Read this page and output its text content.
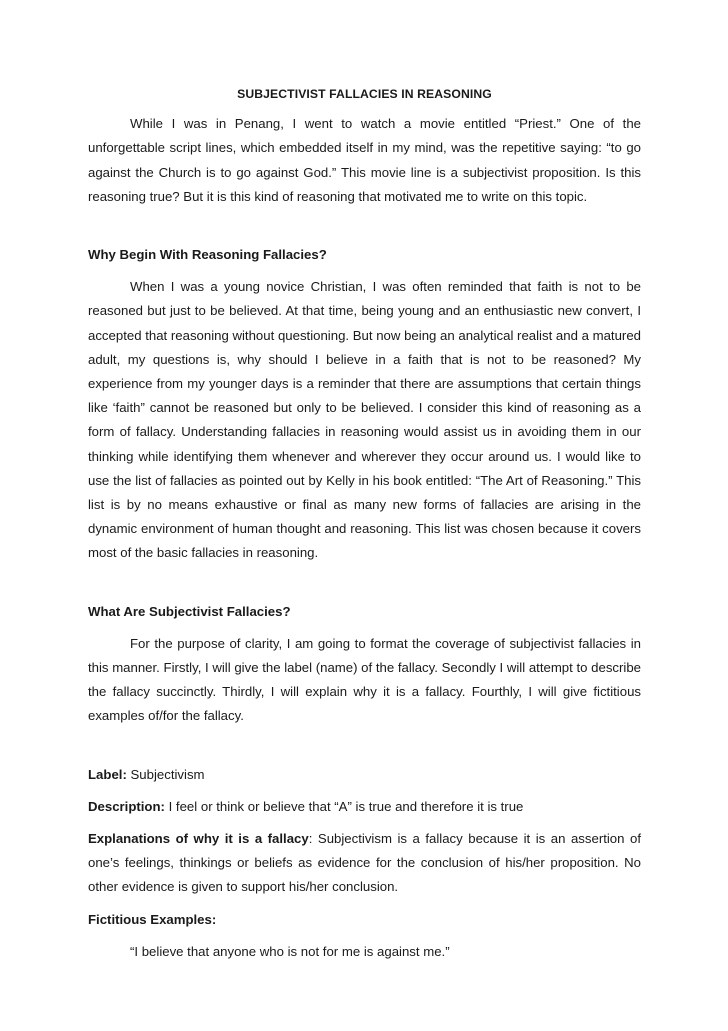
SUBJECTIVIST FALLACIES IN REASONING

While I was in Penang, I went to watch a movie entitled “Priest.” One of the unforgettable script lines, which embedded itself in my mind, was the repetitive saying: “to go against the Church is to go against God.” This movie line is a subjectivist proposition. Is this reasoning true? But it is this kind of reasoning that motivated me to write on this topic.

Why Begin With Reasoning Fallacies?

When I was a young novice Christian, I was often reminded that faith is not to be reasoned but just to be believed. At that time, being young and an enthusiastic new convert, I accepted that reasoning without questioning. But now being an analytical realist and a matured adult, my questions is, why should I believe in a faith that is not to be reasoned? My experience from my younger days is a reminder that there are assumptions that certain things like ‘faith” cannot be reasoned but only to be believed. I consider this kind of reasoning as a form of fallacy. Understanding fallacies in reasoning would assist us in avoiding them in our thinking while identifying them whenever and wherever they occur around us. I would like to use the list of fallacies as pointed out by Kelly in his book entitled: “The Art of Reasoning.” This list is by no means exhaustive or final as many new forms of fallacies are arising in the dynamic environment of human thought and reasoning. This list was chosen because it covers most of the basic fallacies in reasoning.

What Are Subjectivist Fallacies?

For the purpose of clarity, I am going to format the coverage of subjectivist fallacies in this manner. Firstly, I will give the label (name) of the fallacy. Secondly I will attempt to describe the fallacy succinctly. Thirdly, I will explain why it is a fallacy. Fourthly, I will give fictitious examples of/for the fallacy.

Label: Subjectivism

Description: I feel or think or believe that “A” is true and therefore it is true

Explanations of why it is a fallacy: Subjectivism is a fallacy because it is an assertion of one’s feelings, thinkings or beliefs as evidence for the conclusion of his/her proposition. No other evidence is given to support his/her conclusion.

Fictitious Examples:

“I believe that anyone who is not for me is against me.”
